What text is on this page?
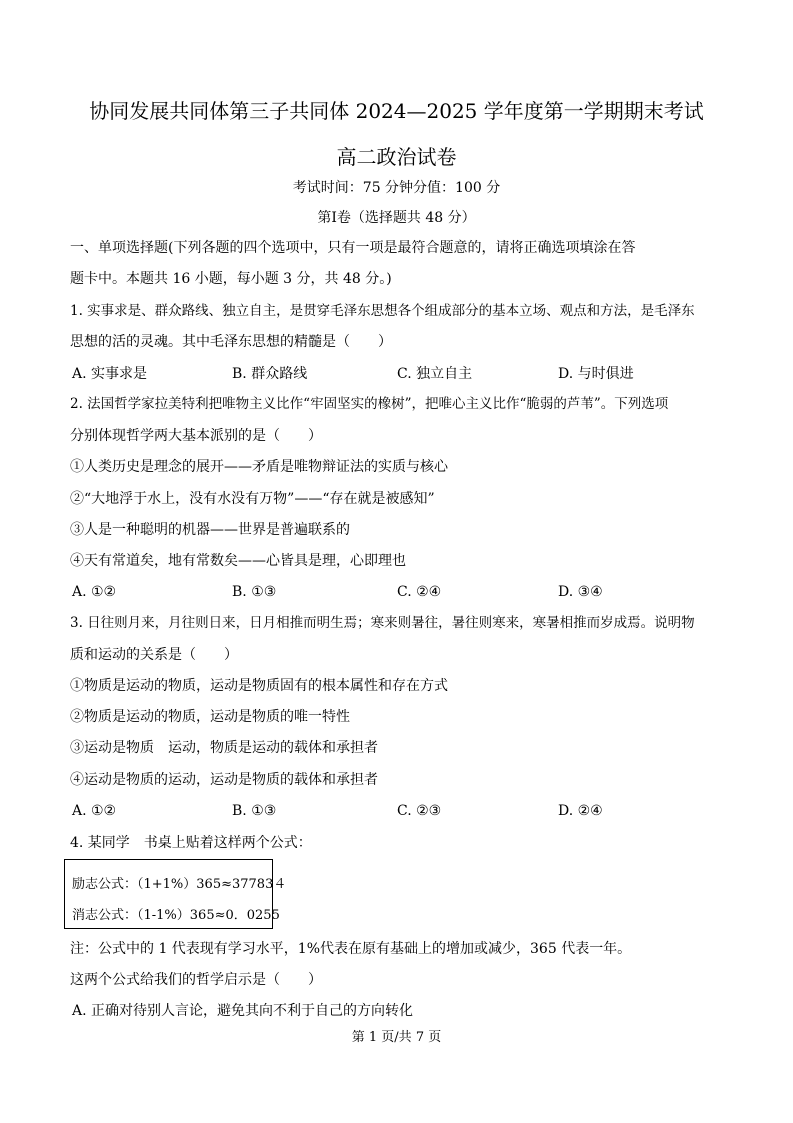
协同发展共同体第三子共同体 2024—2025 学年度第一学期期末考试
高二政治试卷
考试时间：75 分钟分值：100 分
第Ⅰ卷（选择题共 48 分）
一、单项选择题(下列各题的四个选项中，只有一项是最符合题意的，请将正确选项填涂在答
题卡中。本题共 16 小题，每小题 3 分，共 48 分。)
1. 实事求是、群众路线、独立自主，是贯穿毛泽东思想各个组成部分的基本立场、观点和方法，是毛泽东
思想的活的灵魂。其中毛泽东思想的精髓是（　　）
A. 实事求是	B. 群众路线	C. 独立自主	D. 与时俱进
2. 法国哲学家拉美特利把唯物主义比作“牢固坚实的橡树”，把唯心主义比作“脆弱的芦苇”。下列选项
分别体现哲学两大基本派别的是（　　）
①人类历史是理念的展开——矛盾是唯物辩证法的实质与核心
②“大地浮于水上，没有水没有万物”——“存在就是被感知”
③人是一种聪明的机器——世界是普遍联系的
④天有常道矣，地有常数矣——心皆具是理，心即理也
A. ①②	B. ①③	C. ②④	D. ③④
3. 日往则月来，月往则日来，日月相推而明生焉；寒来则暑往，暑往则寒来，寒暑相推而岁成焉。说明物
质和运动的关系是（　　）
①物质是运动的物质，运动是物质固有的根本属性和存在方式
②物质是运动的物质，运动是物质的唯一特性
③运动是物质　运动，物质是运动的载体和承担者
④运动是物质的运动，运动是物质的载体和承担者
A. ①②	B. ①③	C. ②③	D. ②④
4. 某同学　书桌上贴着这样两个公式：
励志公式：（1+1%）365≈37783４
消志公式：（1-1%）365≈0．0255
注：公式中的 1 代表现有学习水平，1%代表在原有基础上的增加或减少，365 代表一年。
这两个公式给我们的哲学启示是（　　）
A. 正确对待别人言论，避免其向不利于自己的方向转化
第 1 页/共 7 页
